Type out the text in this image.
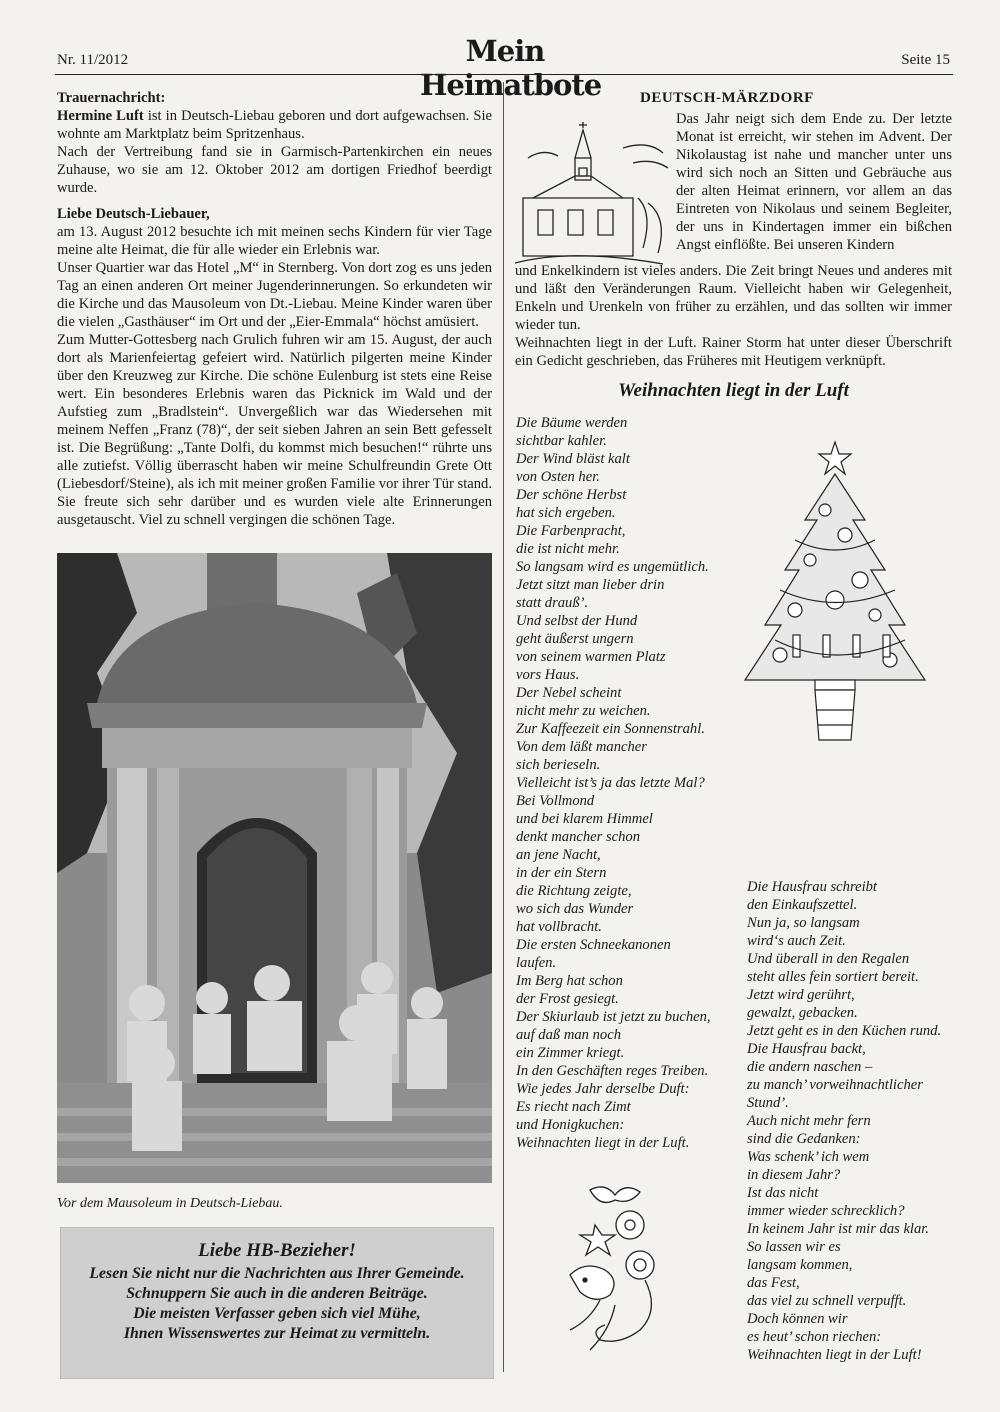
Nr. 11/2012	Mein Heimatbote
Seite 15
Trauernachricht:

Hermine Luft ist in Deutsch-Liebau geboren und dort aufgewachsen. Sie wohnte am Marktplatz beim Spritzenhaus.

Nach der Vertreibung fand sie in Garmisch-Partenkirchen ein neues Zuhause, wo sie am 12. Oktober 2012 am dortigen Friedhof beerdigt wurde.

Liebe Deutsch-Liebauer,

am 13. August 2012 besuchte ich mit meinen sechs Kindern für vier Tage meine alte Heimat, die für alle wieder ein Erlebnis war.

Unser Quartier war das Hotel „M“ in Sternberg. Von dort zog es uns jeden Tag an einen anderen Ort meiner Jugenderinnerungen. So erkundeten wir die Kirche und das Mausoleum von Dt.-Liebau. Meine Kinder waren über die vielen „Gasthäuser“ im Ort und der „Eier-Emmala“ höchst amüsiert.

Zum Mutter-Gottesberg nach Grulich fuhren wir am 15. August, der auch dort als Marienfeiertag gefeiert wird. Natürlich pilgerten meine Kinder über den Kreuzweg zur Kirche. Die schöne Eulenburg ist stets eine Reise wert. Ein besonderes Erlebnis waren das Picknick im Wald und der Aufstieg zum „Bradlstein“. Unvergeßlich war das Wiedersehen mit meinem Neffen „Franz (78)“, der seit sieben Jahren an sein Bett gefesselt ist. Die Begrüßung: „Tante Dolfi, du kommst mich besuchen!“ rührte uns alle zutiefst. Völlig überrascht haben wir meine Schulfreundin Grete Ott (Liebesdorf/Steine), als ich mit meiner großen Familie vor ihrer Tür stand. Sie freute sich sehr darüber und es wurden viele alte Erinnerungen ausgetauscht. Viel zu schnell vergingen die schönen Tage.

Vor dem Mausoleum in Deutsch-Liebau.
Liebe HB-Bezieher!
Lesen Sie nicht nur die Nachrichten aus Ihrer Gemeinde.
Schnuppern Sie auch in die anderen Beiträge.
Die meisten Verfasser geben sich viel Mühe,
Ihnen Wissenswertes zur Heimat zu vermitteln.
DEUTSCH-MÄRZDORF

Das Jahr neigt sich dem Ende zu. Der letzte Monat ist erreicht, wir stehen im Advent. Der Nikolaustag ist nahe und mancher unter uns wird sich noch an Sitten und Gebräuche aus der alten Heimat erinnern, vor allem an das Eintreten von Nikolaus und seinem Begleiter, der uns in Kindertagen immer ein bißchen Angst einflößte. Bei unseren Kindern

und Enkelkindern ist vieles anders. Die Zeit bringt Neues und anderes mit und läßt den Veränderungen Raum. Vielleicht haben wir Gelegenheit, Enkeln und Urenkeln von früher zu erzählen, und das sollten wir immer wieder tun.

Weihnachten liegt in der Luft. Rainer Storm hat unter dieser Überschrift ein Gedicht geschrieben, das Früheres mit Heutigem verknüpft.

Weihnachten liegt in der Luft
Die Bäume werden
sichtbar kahler.
Der Wind bläst kalt
von Osten her.
Der schöne Herbst
hat sich ergeben.
Die Farbenpracht,
die ist nicht mehr.
So langsam wird es ungemütlich.
Jetzt sitzt man lieber drin
statt drauß’.
Und selbst der Hund
geht äußerst ungern
von seinem warmen Platz
vors Haus.
Der Nebel scheint
nicht mehr zu weichen.
Zur Kaffeezeit ein Sonnenstrahl.
Von dem läßt mancher
sich berieseln.
Vielleicht ist’s ja das letzte Mal?
Bei Vollmond
und bei klarem Himmel
denkt mancher schon
an jene Nacht,
in der ein Stern
die Richtung zeigte,
wo sich das Wunder
hat vollbracht.
Die ersten Schneekanonen
laufen.
Im Berg hat schon
der Frost gesiegt.
Der Skiurlaub ist jetzt zu buchen,
auf daß man noch
ein Zimmer kriegt.
In den Geschäften reges Treiben.
Wie jedes Jahr derselbe Duft:
Es riecht nach Zimt
und Honigkuchen:
Weihnachten liegt in der Luft.
Die Hausfrau schreibt
den Einkaufszettel.
Nun ja, so langsam
wird‘s auch Zeit.
Und überall in den Regalen
steht alles fein sortiert bereit.
Jetzt wird gerührt,
gewalzt, gebacken.
Jetzt geht es in den Küchen rund.
Die Hausfrau backt,
die andern naschen –
zu manch’ vorweihnachtlicher
Stund’.
Auch nicht mehr fern
sind die Gedanken:
Was schenk’ ich wem
in diesem Jahr?
Ist das nicht
immer wieder schrecklich?
In keinem Jahr ist mir das klar.
So lassen wir es
langsam kommen,
das Fest,
das viel zu schnell verpufft.
Doch können wir
es heut’ schon riechen:
Weihnachten liegt in der Luft!
